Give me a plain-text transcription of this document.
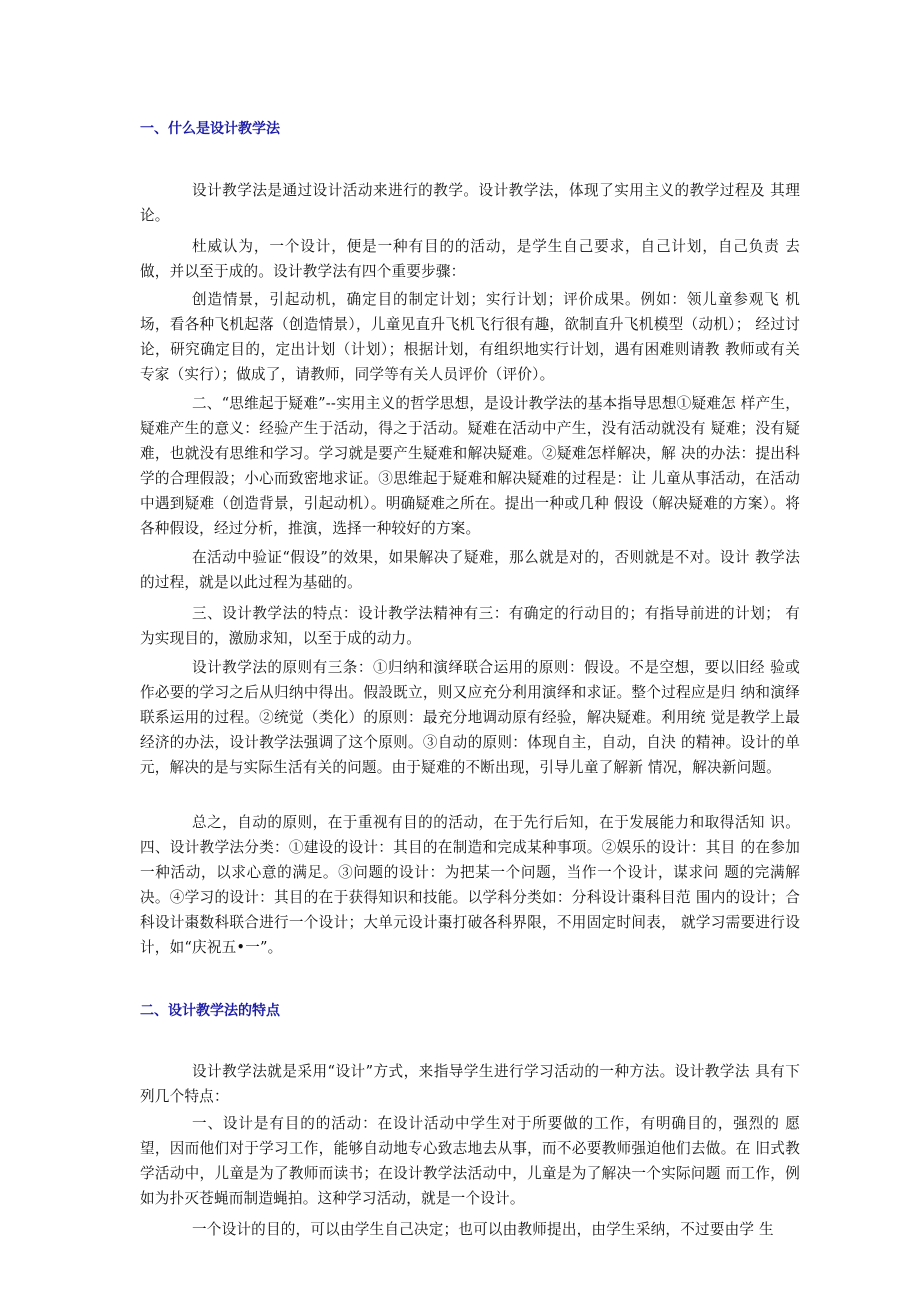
一、什么是设计教学法

设计教学法是通过设计活动来进行的教学。设计教学法，体现了实用主义的教学过程及 其理论。

杜威认为，一个设计，便是一种有目的的活动，是学生自己要求，自己计划，自己负责 去做，并以至于成的。设计教学法有四个重要步骤：

创造情景，引起动机，确定目的制定计划；实行计划；评价成果。例如：领儿童参观飞 机场，看各种飞机起落（创造情景），儿童见直升飞机飞行很有趣，欲制直升飞机模型（动机）； 经过讨论，研究确定目的，定出计划（计划）；根据计划，有组织地实行计划，遇有困难则请教 教师或有关专家（实行）；做成了，请教师，同学等有关人员评价（评价）。

二、“思维起于疑难”--实用主义的哲学思想，是设计教学法的基本指导思想①疑难怎 样产生，疑难产生的意义：经验产生于活动，得之于活动。疑难在活动中产生，没有活动就没有 疑难；没有疑难，也就没有思维和学习。学习就是要产生疑难和解决疑难。②疑难怎样解决，解 决的办法：提出科学的合理假設；小心而致密地求证。③思维起于疑难和解决疑难的过程是：让 儿童从事活动，在活动中遇到疑难（创造背景，引起动机）。明确疑难之所在。提出一种或几种 假设（解决疑难的方案）。将各种假设，经过分析，推演，选择一种较好的方案。

在活动中验证“假设”的效果，如果解决了疑难，那么就是对的，否则就是不对。设计 教学法的过程，就是以此过程为基础的。

三、设计教学法的特点：设计教学法精神有三：有确定的行动目的；有指导前进的计划； 有为实现目的，激励求知，以至于成的动力。

设计教学法的原则有三条：①归纳和演绎联合运用的原则：假设。不是空想，要以旧经 验或作必要的学习之后从归纳中得出。假設既立，则又应充分利用演绎和求证。整个过程应是归 纳和演绎联系运用的过程。②统觉（类化）的原则：最充分地调动原有经验，解决疑难。利用统 觉是教学上最经济的办法，设计教学法强调了这个原则。③自动的原则：体现自主，自动，自決 的精神。设计的单元，解决的是与实际生活有关的问题。由于疑难的不断出现，引导儿童了解新 情况，解决新问题。

总之，自动的原则，在于重视有目的的活动，在于先行后知，在于发展能力和取得活知 识。四、设计教学法分类：①建设的设计：其目的在制造和完成某种事项。②娱乐的设计：其目 的在参加一种活动，以求心意的满足。③问题的设计：为把某一个问题，当作一个设计，谋求问 题的完满解决。④学习的设计：其目的在于获得知识和技能。以学科分类如：分科设计棗科目范 围内的设计；合科设计棗数科联合进行一个设计；大单元设计棗打破各科界限，不用固定时间表， 就学习需要进行设计，如“庆祝五•一”。

二、设计教学法的特点

设计教学法就是采用“设计”方式，来指导学生进行学习活动的一种方法。设计教学法 具有下列几个特点：

一、设计是有目的的活动：在设计活动中学生对于所要做的工作，有明确目的，强烈的 愿望，因而他们对于学习工作，能够自动地专心致志地去从事，而不必要教师强迫他们去做。在 旧式教学活动中，儿童是为了教师而读书；在设计教学法活动中，儿童是为了解决一个实际问题 而工作，例如为扑灭苍蝇而制造蝇拍。这种学习活动，就是一个设计。

一个设计的目的，可以由学生自己决定；也可以由教师提出，由学生采纳，不过要由学 生
